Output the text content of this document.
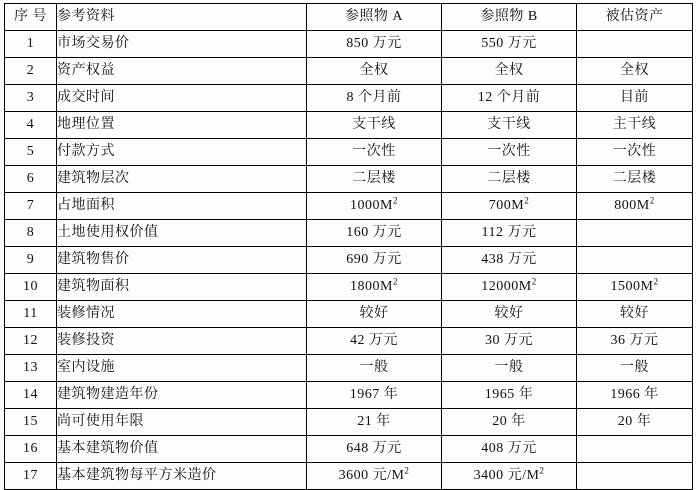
序 号	参考资料	参照物 A	参照物 B	被估资产
1	市场交易价	850 万元	550 万元	
2	资产权益	全权	全权	全权
3	成交时间	8 个月前	12 个月前	目前
4	地理位置	支干线	支干线	主干线
5	付款方式	一次性	一次性	一次性
6	建筑物层次	二层楼	二层楼	二层楼
7	占地面积	$1000M^2$	$700M^2$	$800M^2$
8	土地使用权价值	160 万元	112 万元	
9	建筑物售价	690 万元	438 万元	
10	建筑物面积	$1800M^2$	$12000M^2$	$1500M^2$
11	装修情况	较好	较好	较好
12	装修投资	42 万元	30 万元	36 万元
13	室内设施	一般	一般	一般
14	建筑物建造年份	1967 年	1965 年	1966 年
15	尚可使用年限	21 年	20 年	20 年
16	基本建筑物价值	648 万元	408 万元	
17	基本建筑物每平方米造价	3600 元$/M^2$	3400 元$/M^2$	
